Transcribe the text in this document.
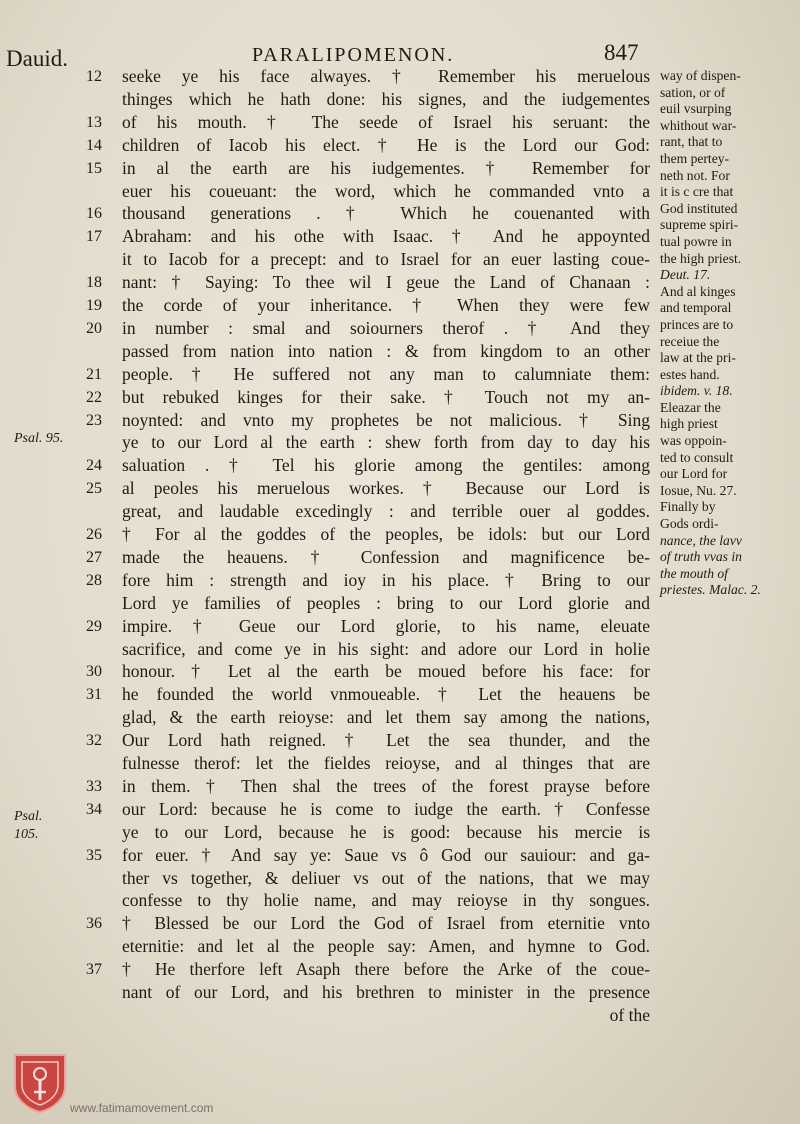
Dauid.	PARALIPOMENON.	847
12	seeke ye his face alwayes. † Remember his meruelous
thinges which he hath done: his signes, and the iudgementes
13	of his mouth. † The seede of Israel his seruant: the
14	children of Iacob his elect. † He is the Lord our God:
15	in al the earth are his iudgementes. † Remember for
euer his coueuant: the word, which he commanded vnto a
16	thousand generations . † Which he couenanted with
17	Abraham: and his othe with Isaac. † And he appoynted
it to Iacob for a precept: and to Israel for an euer lasting coue-
18	nant: † Saying: To thee wil I geue the Land of Chanaan :
19	the corde of your inheritance. † When they were few
20	in number : smal and soiourners therof . † And they
passed from nation into nation : & from kingdom to an other
21	people. † He suffered not any man to calumniate them:
22	but rebuked kinges for their sake. † Touch not my an-
23	noynted: and vnto my prophetes be not malicious. † Sing
ye to our Lord al the earth : shew forth from day to day his
24	saluation . † Tel his glorie among the gentiles: among
25	al peoles his meruelous workes. † Because our Lord is
great, and laudable excedingly : and terrible ouer al goddes.
26	† For al the goddes of the peoples, be idols: but our Lord
27	made the heauens. † Confession and magnificence be-
28	fore him : strength and ioy in his place. † Bring to our
Lord ye families of peoples : bring to our Lord glorie and
29	impire. † Geue our Lord glorie, to his name, eleuate
sacrifice, and come ye in his sight: and adore our Lord in holie
30	honour. † Let al the earth be moued before his face: for
31	he founded the world vnmoueable. † Let the heauens be
glad, & the earth reioyse: and let them say among the nations,
32	Our Lord hath reigned. † Let the sea thunder, and the
fulnesse therof: let the fieldes reioyse, and al thinges that are
33	in them. † Then shal the trees of the forest prayse before
34	our Lord: because he is come to iudge the earth. † Confesse
ye to our Lord, because he is good: because his mercie is
35	for euer. † And say ye: Saue vs ô God our sauiour: and ga-
ther vs together, & deliuer vs out of the nations, that we may
confesse to thy holie name, and may reioyse in thy songues.
36	† Blessed be our Lord the God of Israel from eternitie vnto
eternitie: and let al the people say: Amen, and hymne to God.
37	† He therfore left Asaph there before the Arke of the coue-
nant of our Lord, and his brethren to minister in the presence
of the
Psal. 95.
Psal.
105.
way of dispen-
sation, or of
euil vsurping
whithout war-
rant, that to
them pertey-
neth not. For
it is c cre that
God instituted
supreme spiri-
tual powre in
the high priest.
Deut. 17.
And al kinges
and temporal
princes are to
receiue the
law at the pri-
estes hand.
ibidem. v. 18.
Eleazar the
high priest
was oppoin-
ted to consult
our Lord for
Iosue, Nu. 27.
Finally by
Gods ordi-
nance, the lavv
of truth vvas in
the mouth of
priestes. Malac. 2.
www.fatimamovement.com
